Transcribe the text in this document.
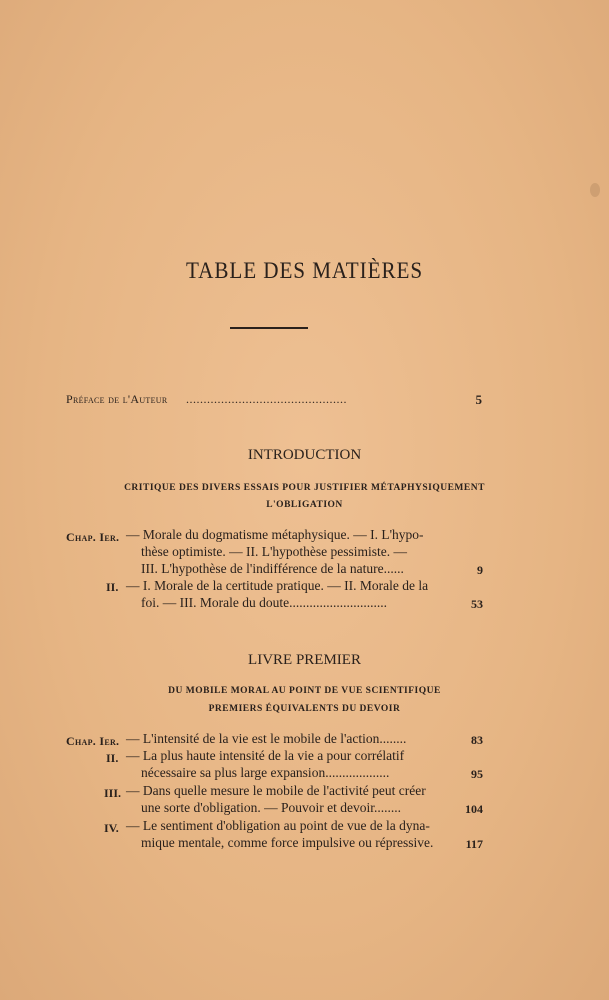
TABLE DES MATIÈRES
Préface de l'Auteur ..............................................	5
INTRODUCTION
CRITIQUE DES DIVERS ESSAIS POUR JUSTIFIER MÉTAPHYSIQUEMENT
L'OBLIGATION
Chap. Ier. — Morale du dogmatisme métaphysique. — I. L'hypo-
thèse optimiste. — II. L'hypothèse pessimiste. —
III. L'hypothèse de l'indifférence de la nature......	9
II. — I. Morale de la certitude pratique. — II. Morale de la
foi. — III. Morale du doute.............................	53
LIVRE PREMIER
DU MOBILE MORAL AU POINT DE VUE SCIENTIFIQUE
PREMIERS ÉQUIVALENTS DU DEVOIR
Chap. Ier. — L'intensité de la vie est le mobile de l'action........	83
II. — La plus haute intensité de la vie a pour corrélatif
nécessaire sa plus large expansion...................	95
III. — Dans quelle mesure le mobile de l'activité peut créer
une sorte d'obligation. — Pouvoir et devoir........	104
IV. — Le sentiment d'obligation au point de vue de la dyna-
mique mentale, comme force impulsive ou répressive.	117
